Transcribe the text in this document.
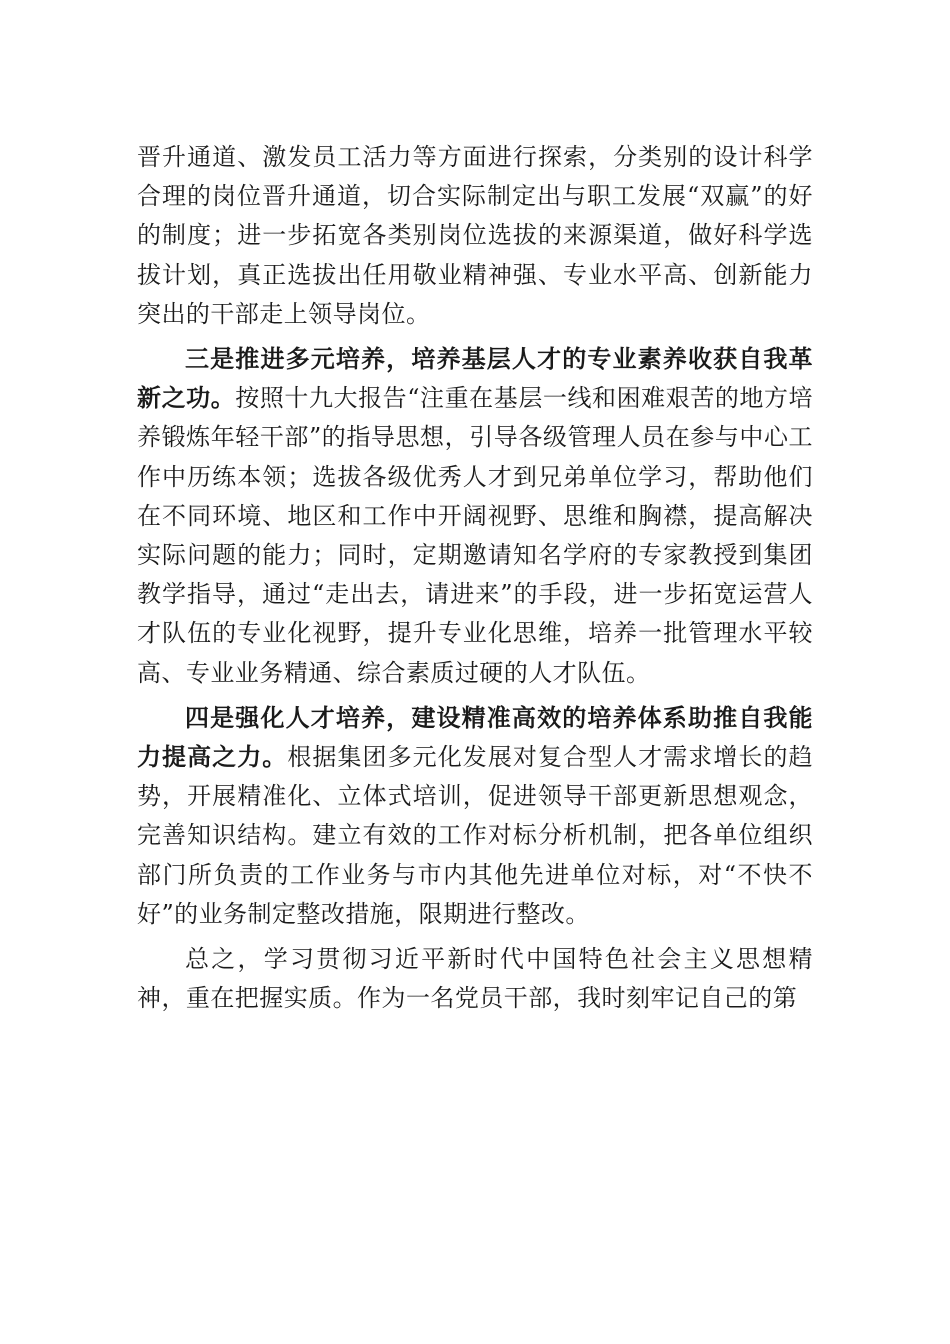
晋升通道、激发员工活力等方面进行探索，分类别的设计科学合理的岗位晋升通道，切合实际制定出与职工发展“双赢”的好的制度；进一步拓宽各类别岗位选拔的来源渠道，做好科学选拔计划，真正选拔出任用敬业精神强、专业水平高、创新能力突出的干部走上领导岗位。

三是推进多元培养，培养基层人才的专业素养收获自我革新之功。按照十九大报告“注重在基层一线和困难艰苦的地方培养锻炼年轻干部”的指导思想，引导各级管理人员在参与中心工作中历练本领；选拔各级优秀人才到兄弟单位学习，帮助他们在不同环境、地区和工作中开阔视野、思维和胸襟，提高解决实际问题的能力；同时，定期邀请知名学府的专家教授到集团教学指导，通过“走出去，请进来”的手段，进一步拓宽运营人才队伍的专业化视野，提升专业化思维，培养一批管理水平较高、专业业务精通、综合素质过硬的人才队伍。

四是强化人才培养，建设精准高效的培养体系助推自我能力提高之力。根据集团多元化发展对复合型人才需求增长的趋势，开展精准化、立体式培训，促进领导干部更新思想观念，完善知识结构。建立有效的工作对标分析机制，把各单位组织部门所负责的工作业务与市内其他先进单位对标，对“不快不好”的业务制定整改措施，限期进行整改。

总之，学习贯彻习近平新时代中国特色社会主义思想精神，重在把握实质。作为一名党员干部，我时刻牢记自己的第
